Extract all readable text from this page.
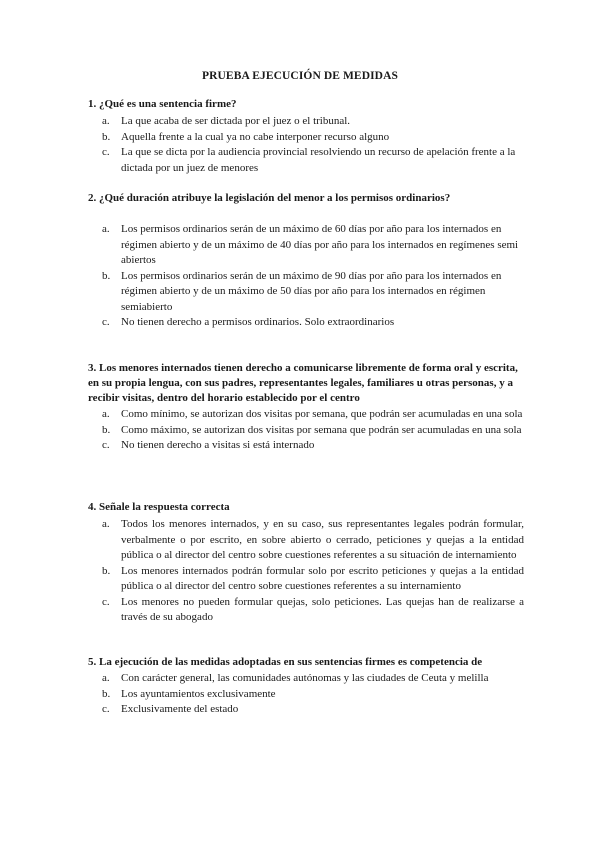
PRUEBA EJECUCIÓN DE MEDIDAS

1. ¿Qué es una sentencia firme?

a. La que acaba de ser dictada por el juez o el tribunal.
b. Aquella frente a la cual ya no cabe interponer recurso alguno
c. La que se dicta por la audiencia provincial resolviendo un recurso de apelación frente a la dictada por un juez de menores

2. ¿Qué duración atribuye la legislación del menor a los permisos ordinarios?

a. Los permisos ordinarios serán de un máximo de 60 días por año para los internados en régimen abierto y de un máximo de 40 días por año para los internados en regímenes semi abiertos
b. Los permisos ordinarios serán de un máximo de 90 días por año para los internados en régimen abierto y de un máximo de 50 días por año para los internados en régimen semiabierto
c. No tienen derecho a permisos ordinarios. Solo extraordinarios

3. Los menores internados tienen derecho a comunicarse libremente de forma oral y escrita, en su propia lengua, con sus padres, representantes legales, familiares u otras personas, y a recibir visitas, dentro del horario establecido por el centro

a. Como mínimo, se autorizan dos visitas por semana, que podrán ser acumuladas en una sola
b. Como máximo, se autorizan dos visitas por semana que podrán ser acumuladas en una sola
c. No tienen derecho a visitas si está internado

4. Señale la respuesta correcta

a. Todos los menores internados, y en su caso, sus representantes legales podrán formular, verbalmente o por escrito, en sobre abierto o cerrado, peticiones y quejas a la entidad pública o al director del centro sobre cuestiones referentes a su situación de internamiento
b. Los menores internados podrán formular solo por escrito peticiones y quejas a la entidad pública o al director del centro sobre cuestiones referentes a su internamiento
c. Los menores no pueden formular quejas, solo peticiones. Las quejas han de realizarse a través de su abogado

5. La ejecución de las medidas adoptadas en sus sentencias firmes es competencia de

a. Con carácter general, las comunidades autónomas y las ciudades de Ceuta y melilla
b. Los ayuntamientos exclusivamente
c. Exclusivamente del estado
